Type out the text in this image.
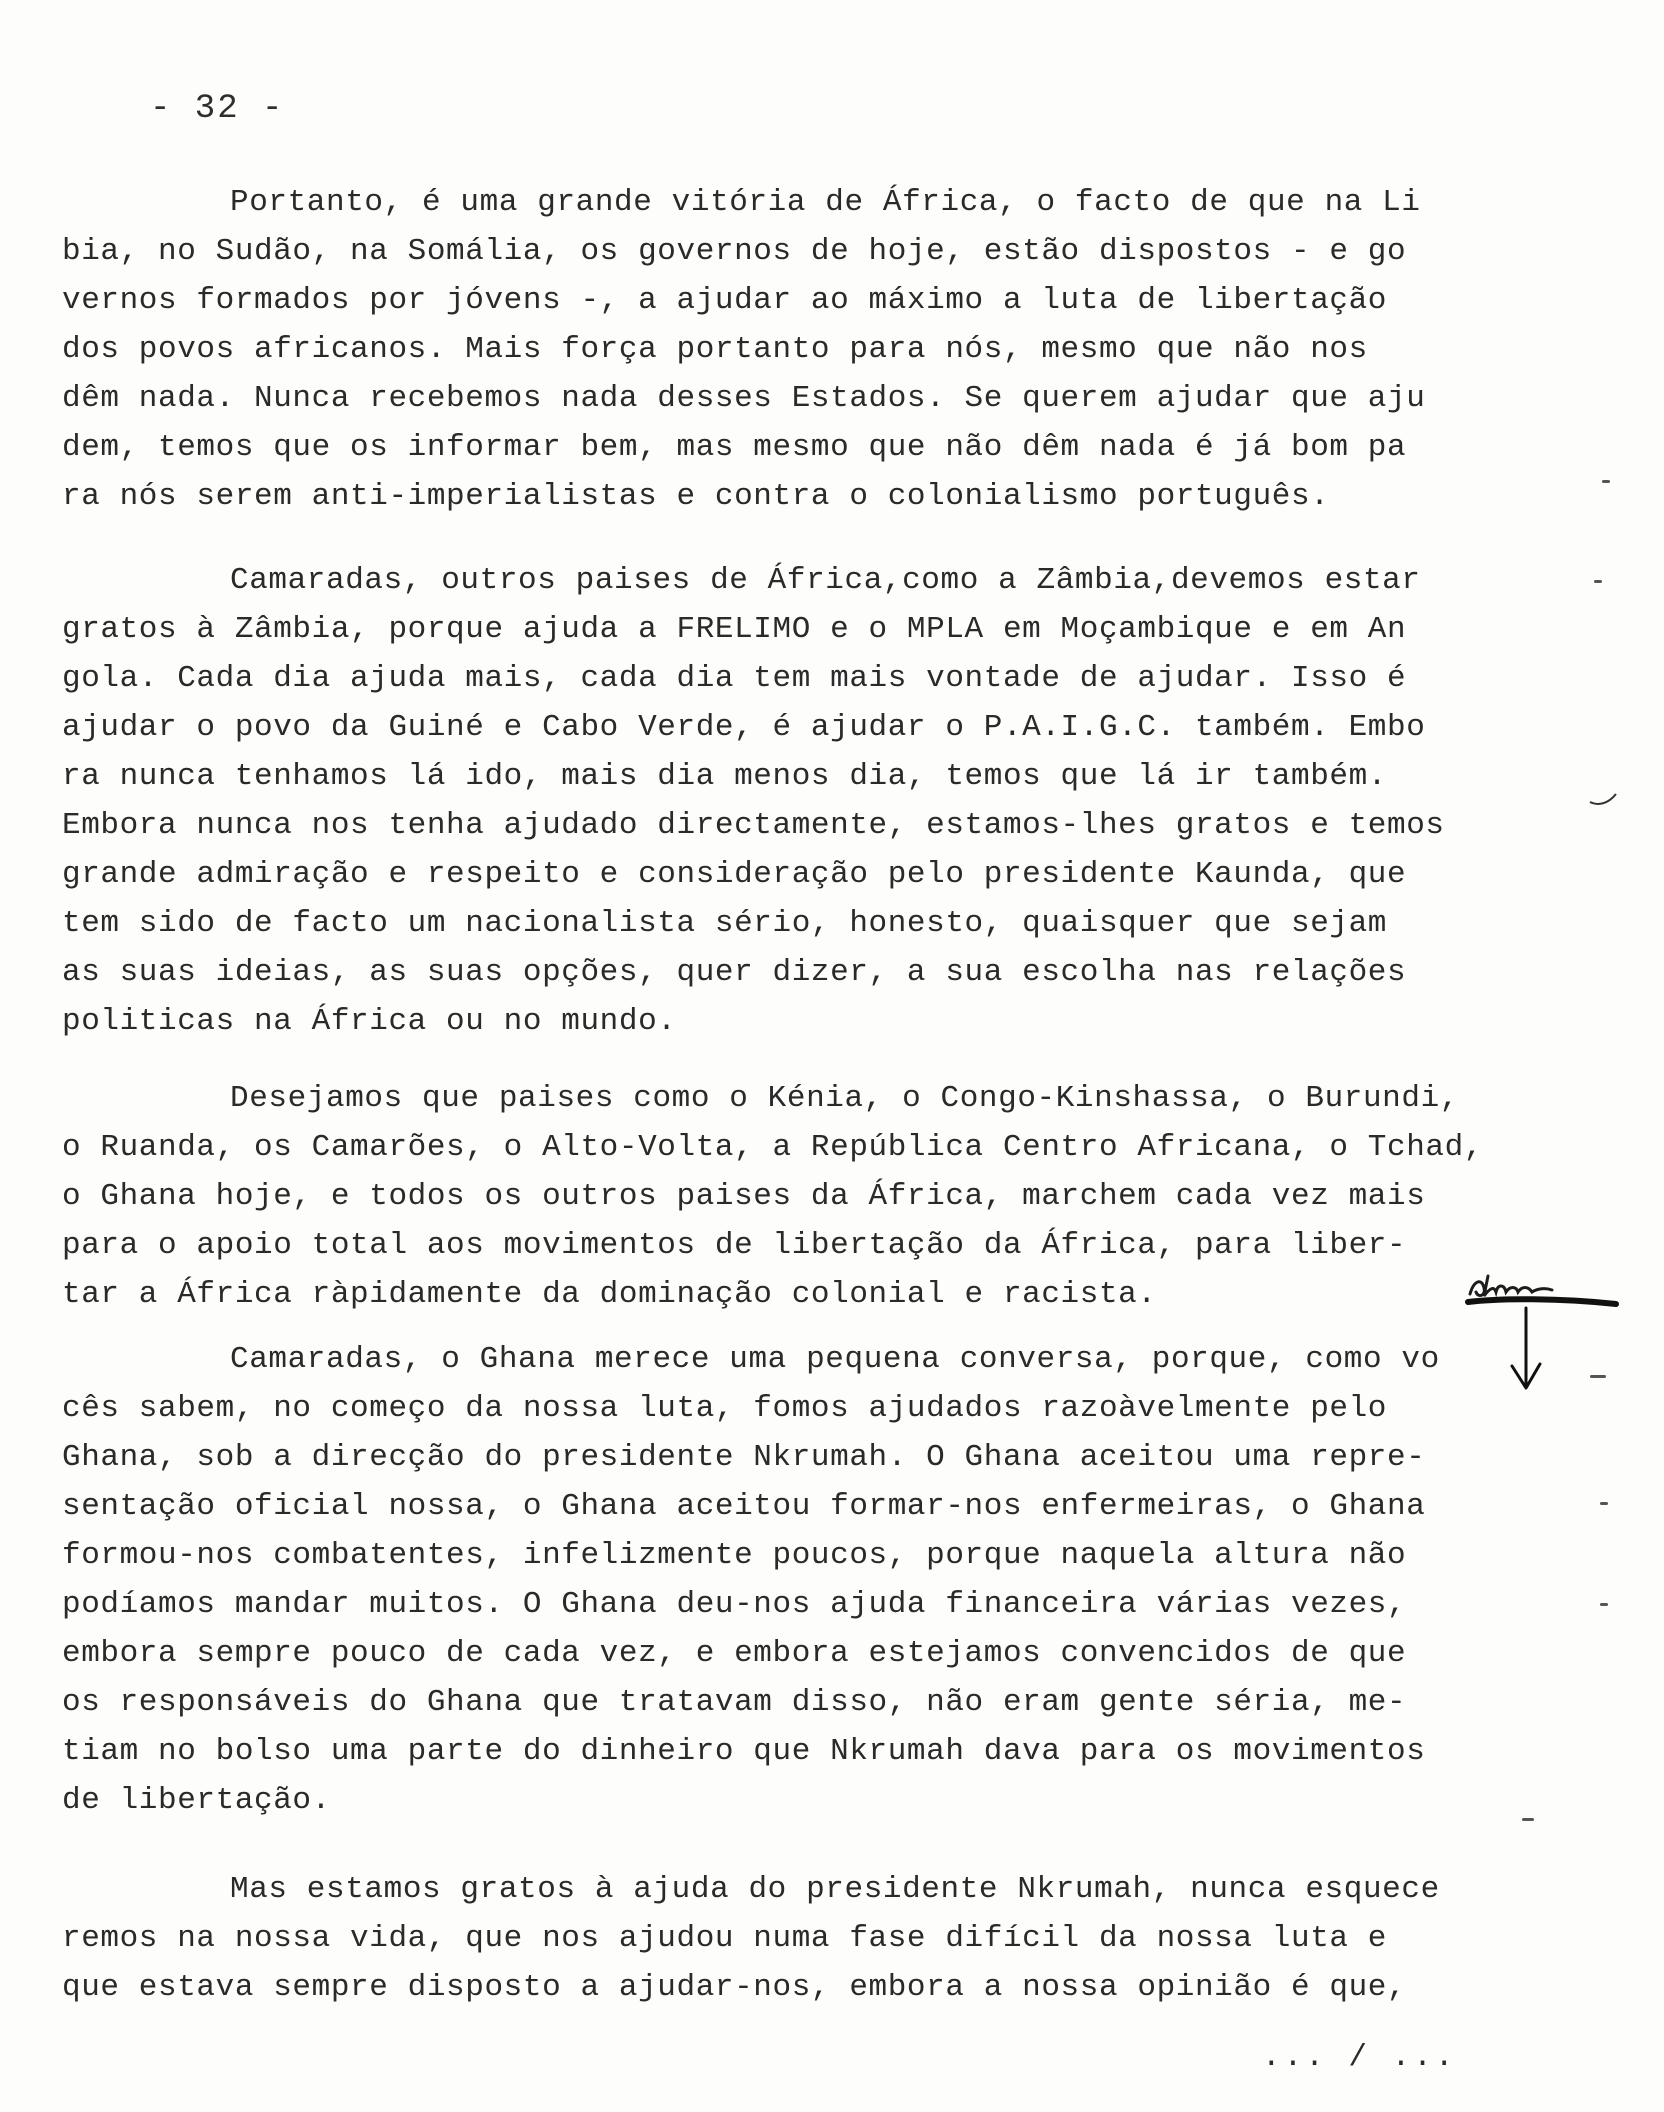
- 32 -
Portanto, é uma grande vitória de África, o facto de que na Li
bia, no Sudão, na Somália, os governos de hoje, estão dispostos - e go
vernos formados por jóvens -, a ajudar ao máximo a luta de libertação
dos povos africanos. Mais força portanto para nós, mesmo que não nos
dêm nada. Nunca recebemos nada desses Estados. Se querem ajudar que aju
dem, temos que os informar bem, mas mesmo que não dêm nada é já bom pa
ra nós serem anti-imperialistas e contra o colonialismo português.
Camaradas, outros paises de África,como a Zâmbia,devemos estar
gratos à Zâmbia, porque ajuda a FRELIMO e o MPLA em Moçambique e em An
gola. Cada dia ajuda mais, cada dia tem mais vontade de ajudar. Isso é
ajudar o povo da Guiné e Cabo Verde, é ajudar o P.A.I.G.C. também. Embo
ra nunca tenhamos lá ido, mais dia menos dia, temos que lá ir também.
Embora nunca nos tenha ajudado directamente, estamos-lhes gratos e temos
grande admiração e respeito e consideração pelo presidente Kaunda, que
tem sido de facto um nacionalista sério, honesto, quaisquer que sejam
as suas ideias, as suas opções, quer dizer, a sua escolha nas relações
politicas na África ou no mundo.
Desejamos que paises como o Kénia, o Congo-Kinshassa, o Burundi,
o Ruanda, os Camarões, o Alto-Volta, a República Centro Africana, o Tchad,
o Ghana hoje, e todos os outros paises da África, marchem cada vez mais
para o apoio total aos movimentos de libertação da África, para liber-
tar a África ràpidamente da dominação colonial e racista.
Camaradas, o Ghana merece uma pequena conversa, porque, como vo
cês sabem, no começo da nossa luta, fomos ajudados razoàvelmente pelo
Ghana, sob a direcção do presidente Nkrumah. O Ghana aceitou uma repre-
sentação oficial nossa, o Ghana aceitou formar-nos enfermeiras, o Ghana
formou-nos combatentes, infelizmente poucos, porque naquela altura não
podíamos mandar muitos. O Ghana deu-nos ajuda financeira várias vezes,
embora sempre pouco de cada vez, e embora estejamos convencidos de que
os responsáveis do Ghana que tratavam disso, não eram gente séria, me-
tiam no bolso uma parte do dinheiro que Nkrumah dava para os movimentos
de libertação.
Mas estamos gratos à ajuda do presidente Nkrumah, nunca esquece
remos na nossa vida, que nos ajudou numa fase difícil da nossa luta e
que estava sempre disposto a ajudar-nos, embora a nossa opinião é que,
... / ...
